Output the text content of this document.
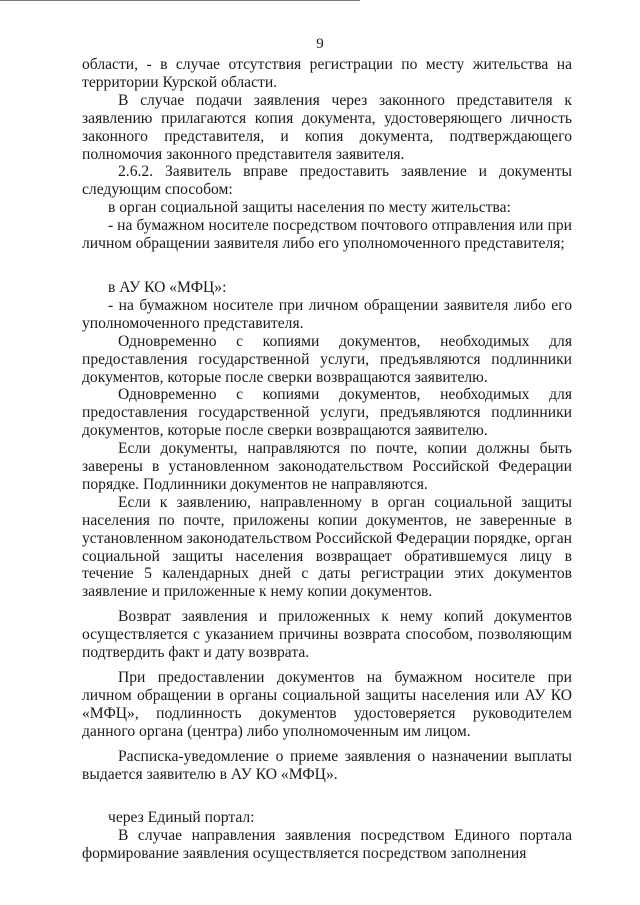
9

области, - в случае отсутствия регистрации по месту жительства на территории Курской области.

В случае подачи заявления через законного представителя к заявлению прилагаются копия документа, удостоверяющего личность законного представителя, и копия документа, подтверждающего полномочия законного представителя заявителя.

2.6.2. Заявитель вправе предоставить заявление и документы следующим способом:

в орган социальной защиты населения по месту жительства:

- на бумажном носителе посредством почтового отправления или при личном обращении заявителя либо его уполномоченного представителя;

в АУ КО «МФЦ»:

- на бумажном носителе при личном обращении заявителя либо его уполномоченного представителя.

Одновременно с копиями документов, необходимых для предоставления государственной услуги, предъявляются подлинники документов, которые после сверки возвращаются заявителю.

Одновременно с копиями документов, необходимых для предоставления государственной услуги, предъявляются подлинники документов, которые после сверки возвращаются заявителю.

Если документы, направляются по почте, копии должны быть заверены в установленном законодательством Российской Федерации порядке. Подлинники документов не направляются.

Если к заявлению, направленному в орган социальной защиты населения по почте, приложены копии документов, не заверенные в установленном законодательством Российской Федерации порядке, орган социальной защиты населения возвращает обратившемуся лицу в течение 5 календарных дней с даты регистрации этих документов заявление и приложенные к нему копии документов.

Возврат заявления и приложенных к нему копий документов осуществляется с указанием причины возврата способом, позволяющим подтвердить факт и дату возврата.

При предоставлении документов на бумажном носителе при личном обращении в органы социальной защиты населения или АУ КО «МФЦ», подлинность документов удостоверяется руководителем данного органа (центра) либо уполномоченным им лицом.

Расписка-уведомление о приеме заявления о назначении выплаты выдается заявителю в АУ КО «МФЦ».

через Единый портал:

В случае направления заявления посредством Единого портала формирование заявления осуществляется посредством заполнения
